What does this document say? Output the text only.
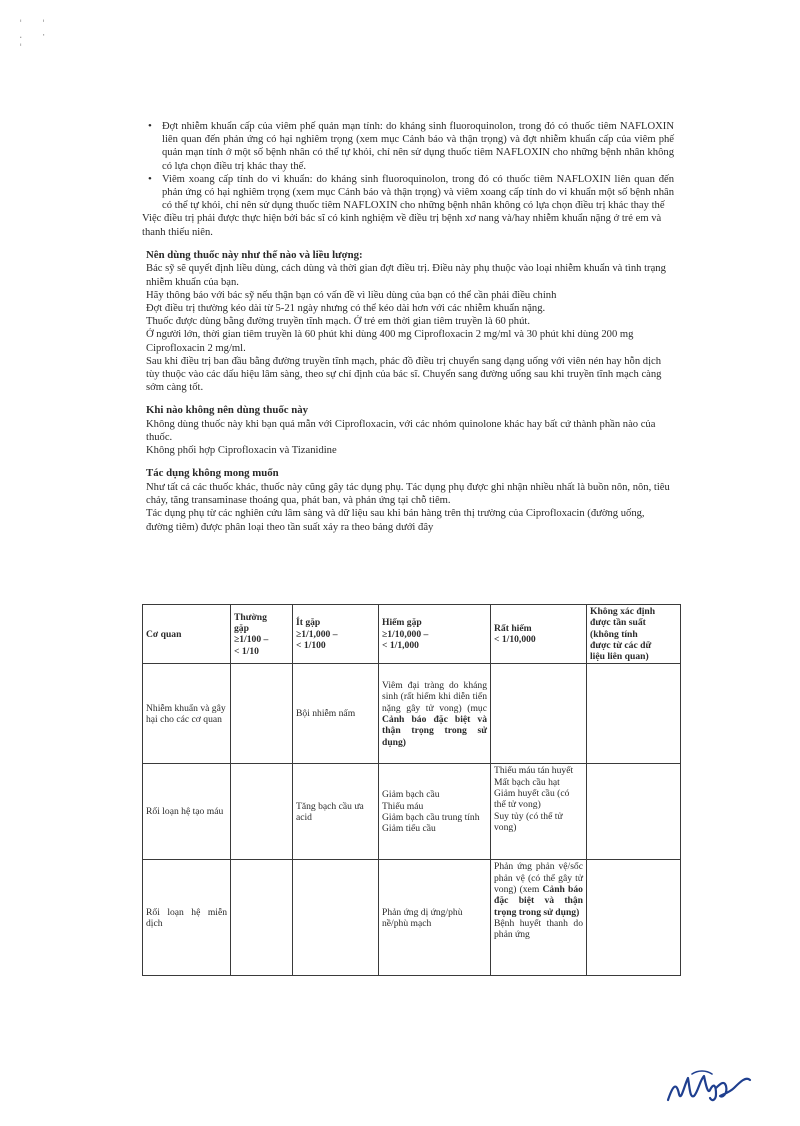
' '
. ·
'
• Đợt nhiễm khuẩn cấp của viêm phế quản mạn tính: do kháng sinh fluoroquinolon, trong đó có thuốc tiêm NAFLOXIN liên quan đến phản ứng có hại nghiêm trọng (xem mục Cảnh báo và thận trọng) và đợt nhiễm khuẩn cấp của viêm phế quản mạn tính ở một số bệnh nhân có thể tự khỏi, chỉ nên sử dụng thuốc tiêm NAFLOXIN cho những bệnh nhân không có lựa chọn điều trị khác thay thế.
• Viêm xoang cấp tính do vi khuẩn: do kháng sinh fluoroquinolon, trong đó có thuốc tiêm NAFLOXIN liên quan đến phản ứng có hại nghiêm trọng (xem mục Cảnh báo và thận trọng) và viêm xoang cấp tính do vi khuẩn một số bệnh nhân có thể tự khỏi, chỉ nên sử dụng thuốc tiêm NAFLOXIN cho những bệnh nhân không có lựa chọn điều trị khác thay thế

Việc điều trị phải được thực hiện bởi bác sĩ có kinh nghiệm về điều trị bệnh xơ nang và/hay nhiễm khuẩn nặng ở trẻ em và thanh thiếu niên.

Nên dùng thuốc này như thế nào và liều lượng:

Bác sỹ sẽ quyết định liều dùng, cách dùng và thời gian đợt điều trị. Điều này phụ thuộc vào loại nhiễm khuẩn và tình trạng nhiễm khuẩn của bạn.

Hãy thông báo với bác sỹ nếu thận bạn có vấn đề vì liều dùng của bạn có thể cần phải điều chỉnh

Đợt điều trị thường kéo dài từ 5-21 ngày nhưng có thể kéo dài hơn với các nhiễm khuẩn nặng.

Thuốc được dùng bằng đường truyền tĩnh mạch. Ở trẻ em thời gian tiêm truyền là 60 phút.

Ở người lớn, thời gian tiêm truyền là 60 phút khi dùng 400 mg Ciprofloxacin 2 mg/ml và 30 phút khi dùng 200 mg Ciprofloxacin 2 mg/ml.

Sau khi điều trị ban đầu bằng đường truyền tĩnh mạch, phác đồ điều trị chuyển sang dạng uống với viên nén hay hỗn dịch tùy thuộc vào các dấu hiệu lâm sàng, theo sự chỉ định của bác sĩ. Chuyển sang đường uống sau khi truyền tĩnh mạch càng sớm càng tốt.

Khi nào không nên dùng thuốc này

Không dùng thuốc này khi bạn quá mẫn với Ciprofloxacin, với các nhóm quinolone khác hay bất cứ thành phần nào của thuốc.

Không phối hợp Ciprofloxacin và Tizanidine

Tác dụng không mong muốn

Như tất cả các thuốc khác, thuốc này cũng gây tác dụng phụ. Tác dụng phụ được ghi nhận nhiều nhất là buồn nôn, nôn, tiêu chảy, tăng transaminase thoáng qua, phát ban, và phản ứng tại chỗ tiêm.

Tác dụng phụ từ các nghiên cứu lâm sàng và dữ liệu sau khi bán hàng trên thị trường của Ciprofloxacin (đường uống, đường tiêm) được phân loại theo tần suất xảy ra theo bảng dưới đây

Cơ quan	Thường
gặp
≥1/100 –
< 1/10	Ít gặp
≥1/1,000 –
< 1/100	Hiếm gặp
≥1/10,000 –
< 1/1,000	Rất hiếm
< 1/10,000	Không xác định
được tần suất
(không tính
được từ các dữ
liệu liên quan)

Nhiễm khuẩn và gây hại cho các cơ quan		Bội nhiễm nấm	Viêm đại tràng do kháng sinh (rất hiếm khi diễn tiến nặng gây tử vong) (mục Cảnh báo đặc biệt và thận trọng trong sử dụng)		
Rối loạn hệ tạo máu		Tăng bạch cầu ưa acid	Giảm bạch cầu
Thiếu máu
Giảm bạch cầu trung tính
Giảm tiểu cầu	Thiếu máu tán huyết
Mất bạch cầu hạt
Giảm huyết cầu (có thể tử vong)
Suy tủy (có thể tử vong)	

Rối loạn hệ miễn dịch			Phản ứng dị ứng/phù nề/phù mạch	Phản ứng phản vệ/sốc phản vệ (có thể gây tử vong) (xem Cảnh báo đặc biệt và thận trọng trong sử dụng)
Bệnh huyết thanh do phản ứng	
